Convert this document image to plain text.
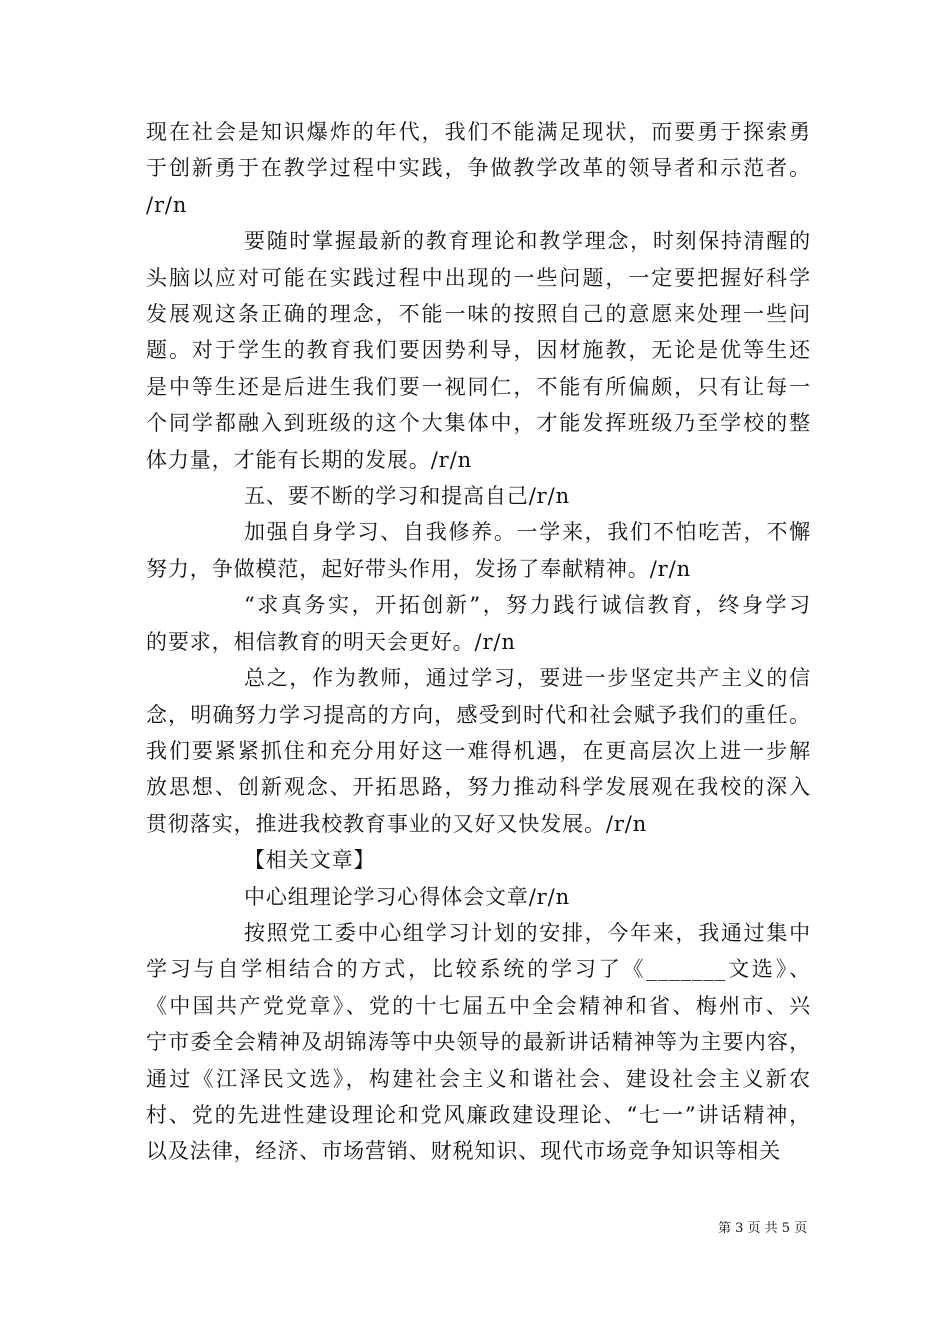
现在社会是知识爆炸的年代，我们不能满足现状，而要勇于探索勇
于创新勇于在教学过程中实践，争做教学改革的领导者和示范者。
/r/n
要随时掌握最新的教育理论和教学理念，时刻保持清醒的
头脑以应对可能在实践过程中出现的一些问题，一定要把握好科学
发展观这条正确的理念，不能一味的按照自己的意愿来处理一些问
题。对于学生的教育我们要因势利导，因材施教，无论是优等生还
是中等生还是后进生我们要一视同仁，不能有所偏颇，只有让每一
个同学都融入到班级的这个大集体中，才能发挥班级乃至学校的整
体力量，才能有长期的发展。/r/n
五、要不断的学习和提高自己/r/n
加强自身学习、自我修养。一学来，我们不怕吃苦，不懈
努力，争做模范，起好带头作用，发扬了奉献精神。/r/n
“求真务实，开拓创新”，努力践行诚信教育，终身学习
的要求，相信教育的明天会更好。/r/n
总之，作为教师，通过学习，要进一步坚定共产主义的信
念，明确努力学习提高的方向，感受到时代和社会赋予我们的重任。
我们要紧紧抓住和充分用好这一难得机遇，在更高层次上进一步解
放思想、创新观念、开拓思路，努力推动科学发展观在我校的深入
贯彻落实，推进我校教育事业的又好又快发展。/r/n
【相关文章】
中心组理论学习心得体会文章/r/n
按照党工委中心组学习计划的安排，今年来，我通过集中
学习与自学相结合的方式，比较系统的学习了《_______文选》、
《中国共产党党章》、党的十七届五中全会精神和省、梅州市、兴
宁市委全会精神及胡锦涛等中央领导的最新讲话精神等为主要内容，
通过《江泽民文选》，构建社会主义和谐社会、建设社会主义新农
村、党的先进性建设理论和党风廉政建设理论、“七一”讲话精神，
以及法律，经济、市场营销、财税知识、现代市场竞争知识等相关
第 3 页 共 5 页
